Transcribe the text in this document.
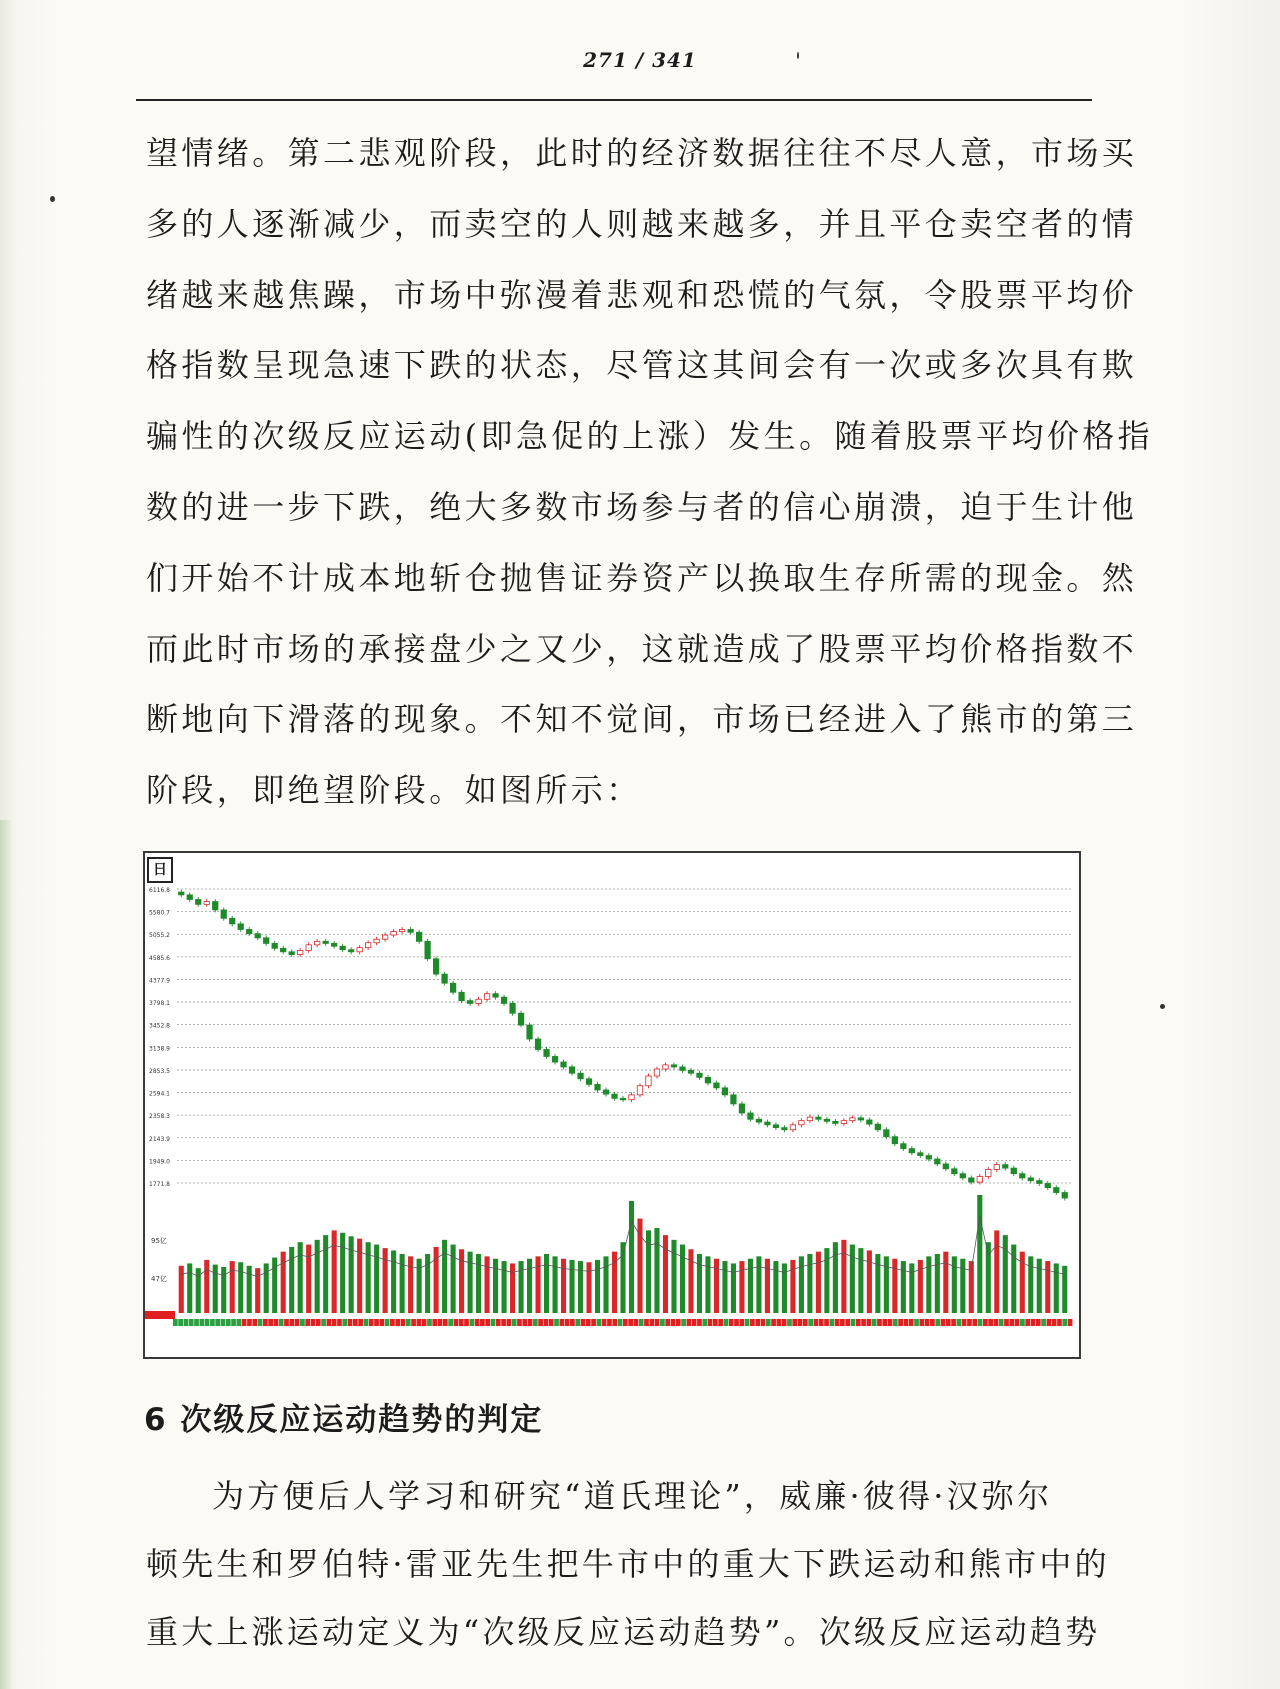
271 / 341
望情绪。第二悲观阶段，此时的经济数据往往不尽人意，市场买
多的人逐渐减少，而卖空的人则越来越多，并且平仓卖空者的情
绪越来越焦躁，市场中弥漫着悲观和恐慌的气氛，令股票平均价
格指数呈现急速下跌的状态，尽管这其间会有一次或多次具有欺
骗性的次级反应运动(即急促的上涨）发生。随着股票平均价格指
数的进一步下跌，绝大多数市场参与者的信心崩溃，迫于生计他
们开始不计成本地斩仓抛售证券资产以换取生存所需的现金。然
而此时市场的承接盘少之又少，这就造成了股票平均价格指数不
断地向下滑落的现象。不知不觉间，市场已经进入了熊市的第三
阶段，即绝望阶段。如图所示：
6116.8
5580.7
5055.2
4585.6
4377.9
3798.1
3452.8
3138.9
2853.5
2594.1
2358.3
2143.9
1949.0
1771.8
95亿
47亿
日
6 次级反应运动趋势的判定
为方便后人学习和研究“道氏理论”，威廉·彼得·汉弥尔
顿先生和罗伯特·雷亚先生把牛市中的重大下跌运动和熊市中的
重大上涨运动定义为“次级反应运动趋势”。次级反应运动趋势
